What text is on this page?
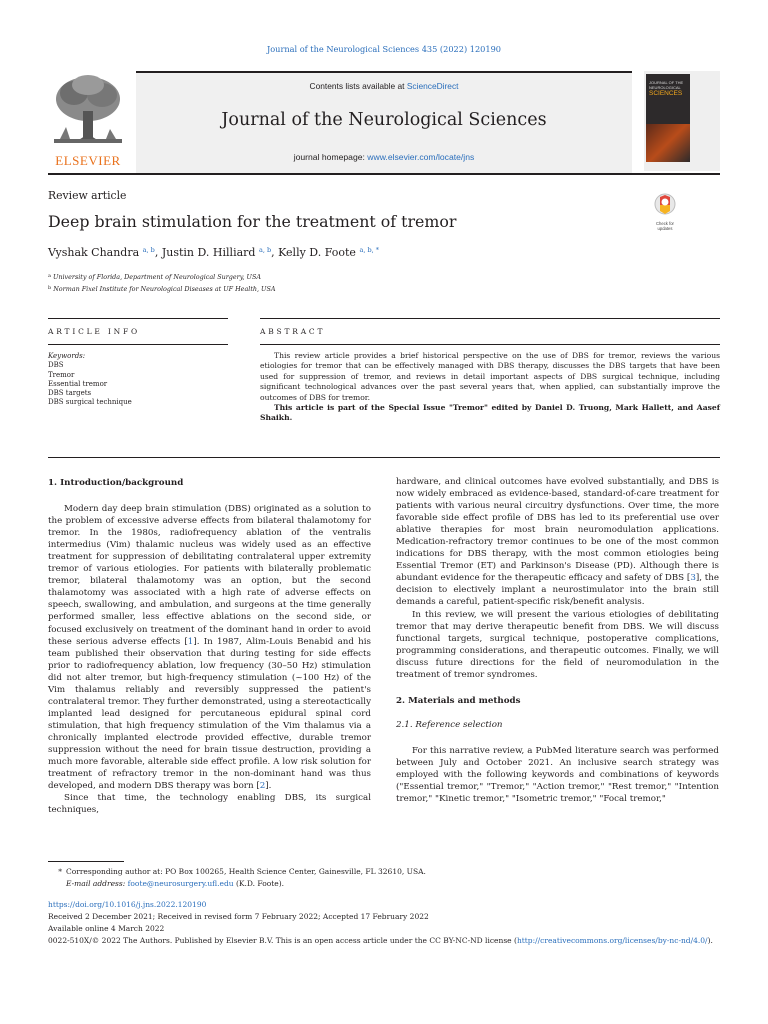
Journal of the Neurological Sciences 435 (2022) 120190
ELSEVIER
Contents lists available at ScienceDirect
Journal of the Neurological Sciences
journal homepage: www.elsevier.com/locate/jns
JOURNAL OF THE
NEUROLOGICAL
SCIENCES
Review article
Deep brain stimulation for the treatment of tremor	Check for
updates
Vyshak Chandra $^{a, b}$, Justin D. Hilliard $^{a, b}$, Kelly D. Foote $^{a, b, *}$
$^a$ University of Florida, Department of Neurological Surgery, USA
$^b$ Norman Fixel Institute for Neurological Diseases at UF Health, USA
ARTICLE INFO	ABSTRACT
Keywords:
DBS
Tremor
Essential tremor
DBS targets
DBS surgical technique

This review article provides a brief historical perspective on the use of DBS for tremor, reviews the various etiologies for tremor that can be effectively managed with DBS therapy, discusses the DBS targets that have been used for suppression of tremor, and reviews in detail important aspects of DBS surgical technique, including significant technological advances over the past several years that, when applied, can substantially improve the outcomes of DBS for tremor.

This article is part of the Special Issue "Tremor" edited by Daniel D. Truong, Mark Hallett, and Aasef Shaikh.

1. Introduction/background

Modern day deep brain stimulation (DBS) originated as a solution to the problem of excessive adverse effects from bilateral thalamotomy for tremor. In the 1980s, radiofrequency ablation of the ventralis intermedius (Vim) thalamic nucleus was widely used as an effective treatment for suppression of debilitating contralateral upper extremity tremor of various etiologies. For patients with bilaterally problematic tremor, bilateral thalamotomy was an option, but the second thalamotomy was associated with a high rate of adverse effects on speech, swallowing, and ambulation, and surgeons at the time generally performed smaller, less effective ablations on the second side, or focused exclusively on treatment of the dominant hand in order to avoid these serious adverse effects [1]. In 1987, Alim-Louis Benabid and his team published their observation that during testing for side effects prior to radiofrequency ablation, low frequency (30–50 Hz) stimulation did not alter tremor, but high-frequency stimulation (~100 Hz) of the Vim thalamus reliably and reversibly suppressed the patient's contralateral tremor. They further demonstrated, using a stereotactically implanted lead designed for percutaneous epidural spinal cord stimulation, that high frequency stimulation of the Vim thalamus via a chronically implanted electrode provided effective, durable tremor suppression without the need for brain tissue destruction, providing a much more favorable, alterable side effect profile. A low risk solution for treatment of refractory tremor in the non-dominant hand was thus developed, and modern DBS therapy was born [2].

Since that time, the technology enabling DBS, its surgical techniques,

hardware, and clinical outcomes have evolved substantially, and DBS is now widely embraced as evidence-based, standard-of-care treatment for patients with various neural circuitry dysfunctions. Over time, the more favorable side effect profile of DBS has led to its preferential use over ablative therapies for most brain neuromodulation applications. Medication-refractory tremor continues to be one of the most common indications for DBS therapy, with the most common etiologies being Essential Tremor (ET) and Parkinson's Disease (PD). Although there is abundant evidence for the therapeutic efficacy and safety of DBS [3], the decision to electively implant a neurostimulator into the brain still demands a careful, patient-specific risk/benefit analysis.

In this review, we will present the various etiologies of debilitating tremor that may derive therapeutic benefit from DBS. We will discuss functional targets, surgical technique, postoperative complications, programming considerations, and therapeutic outcomes. Finally, we will discuss future directions for the field of neuromodulation in the treatment of tremor syndromes.

2. Materials and methods
2.1. Reference selection

For this narrative review, a PubMed literature search was performed between July and October 2021. An inclusive search strategy was employed with the following keywords and combinations of keywords ("Essential tremor," "Tremor," "Action tremor," "Rest tremor," "Intention tremor," "Kinetic tremor," "Isometric tremor," "Focal tremor,"

* Corresponding author at: PO Box 100265, Health Science Center, Gainesville, FL 32610, USA.
E-mail address: foote@neurosurgery.ufl.edu (K.D. Foote).
https://doi.org/10.1016/j.jns.2022.120190
Received 2 December 2021; Received in revised form 7 February 2022; Accepted 17 February 2022
Available online 4 March 2022
0022-510X/© 2022 The Authors. Published by Elsevier B.V. This is an open access article under the CC BY-NC-ND license (http://creativecommons.org/licenses/by-nc-nd/4.0/).
